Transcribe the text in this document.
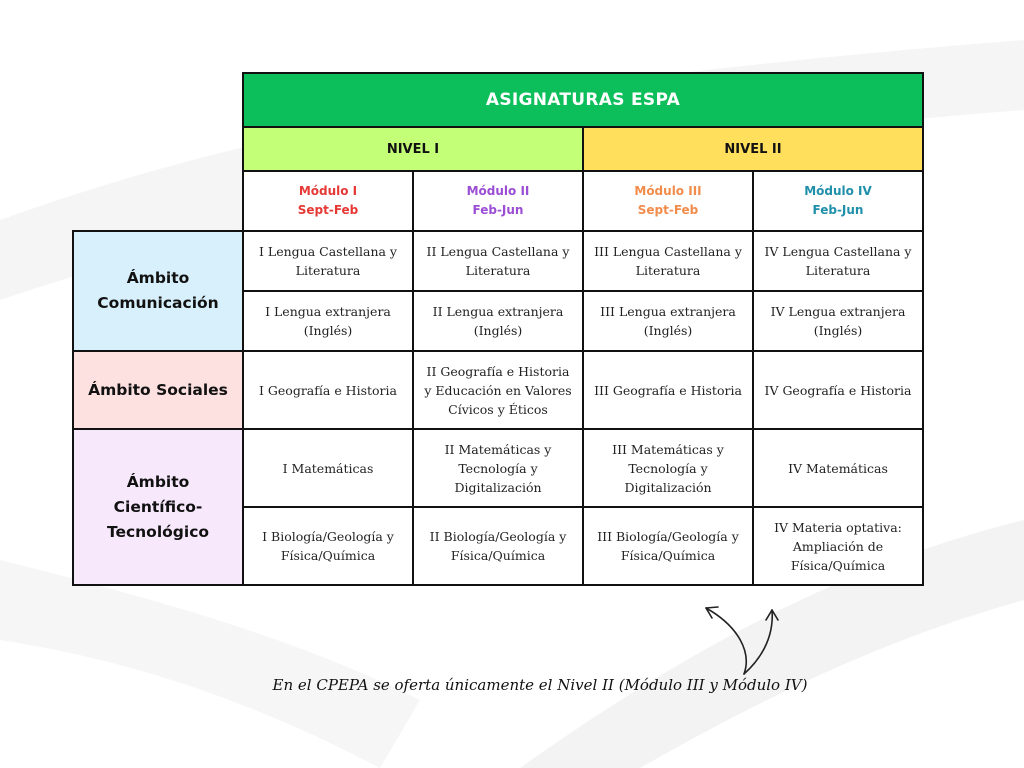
ASIGNATURAS ESPA
NIVEL I	NIVEL II
Módulo I
Sept-Feb
Módulo II
Feb-Jun
Módulo III
Sept-Feb
Módulo IV
Feb-Jun
Ámbito Comunicación
Ámbito Sociales
Ámbito Científico-Tecnológico
I Lengua Castellana y Literatura
II Lengua Castellana y Literatura
III Lengua Castellana y Literatura
IV Lengua Castellana y Literatura
I Lengua extranjera (Inglés)
II Lengua extranjera (Inglés)
III Lengua extranjera (Inglés)
IV Lengua extranjera (Inglés)
I Geografía e Historia
II Geografía e Historia y Educación en Valores Cívicos y Éticos
III Geografía e Historia	IV Geografía e Historia
I Matemáticas
II Matemáticas y Tecnología y Digitalización
III Matemáticas y Tecnología y Digitalización
IV Matemáticas
I Biología/Geología y Física/Química
II Biología/Geología y Física/Química
III Biología/Geología y Física/Química
IV Materia optativa: Ampliación de Física/Química
En el CPEPA se oferta únicamente el Nivel II (Módulo III y Módulo IV)
